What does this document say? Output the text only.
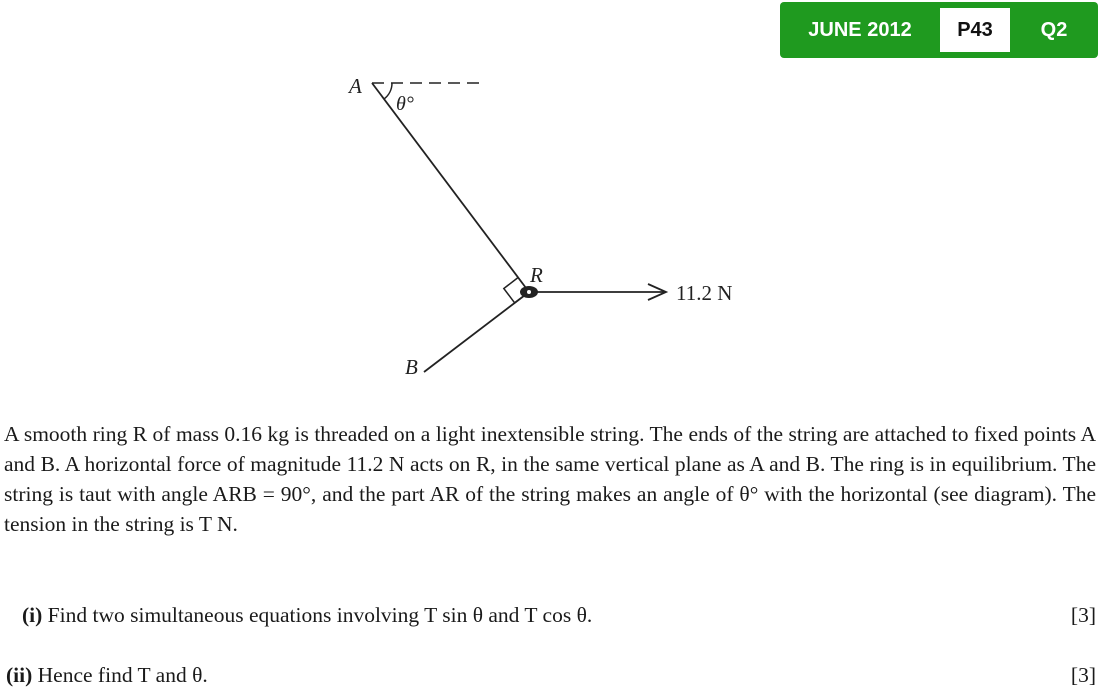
JUNE 2012	P43	Q2
A
θ°
R
11.2 N
B

A smooth ring R of mass 0.16 kg is threaded on a light inextensible string. The ends of the string are attached to fixed points A and B. A horizontal force of magnitude 11.2 N acts on R, in the same vertical plane as A and B. The ring is in equilibrium. The string is taut with angle ARB = 90°, and the part AR of the string makes an angle of θ° with the horizontal (see diagram). The tension in the string is T N.

(i) Find two simultaneous equations involving T sin θ and T cos θ.	[3]
(ii) Hence find T and θ.	[3]
